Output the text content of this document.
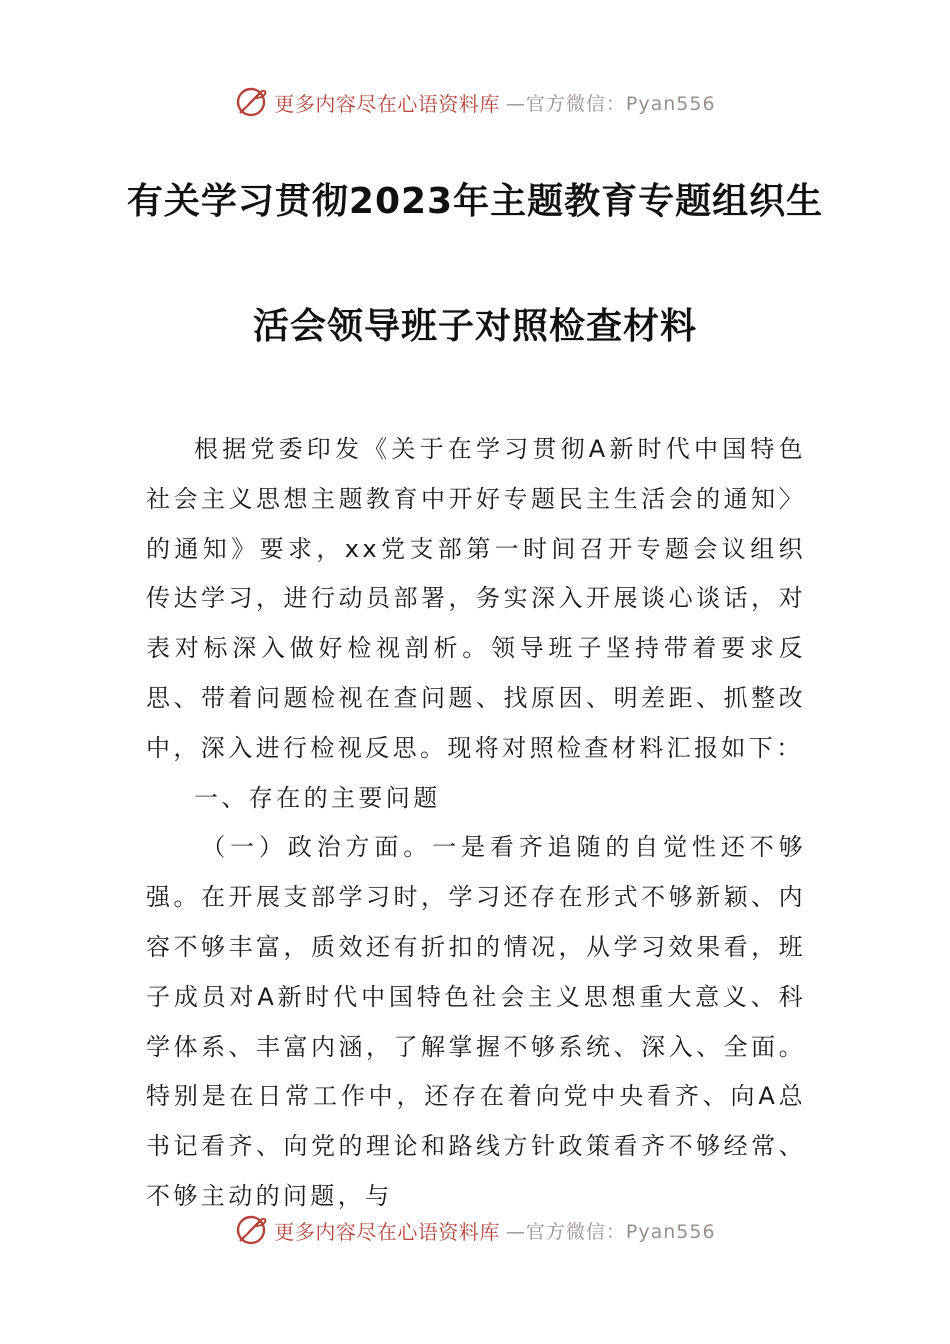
更多内容尽在心语资料库 —官方微信：Pyan556
有关学习贯彻2023年主题教育专题组织生
活会领导班子对照检查材料

根据党委印发《关于在学习贯彻A新时代中国特色社会主义思想主题教育中开好专题民主生活会的通知〉的通知》要求，xx党支部第一时间召开专题会议组织传达学习，进行动员部署，务实深入开展谈心谈话，对表对标深入做好检视剖析。领导班子坚持带着要求反思、带着问题检视在查问题、找原因、明差距、抓整改中，深入进行检视反思。现将对照检查材料汇报如下：

一、存在的主要问题

（一）政治方面。一是看齐追随的自觉性还不够强。在开展支部学习时，学习还存在形式不够新颖、内容不够丰富，质效还有折扣的情况，从学习效果看，班子成员对A新时代中国特色社会主义思想重大意义、科学体系、丰富内涵，了解掌握不够系统、深入、全面。特别是在日常工作中，还存在着向党中央看齐、向A总书记看齐、向党的理论和路线方针政策看齐不够经常、不够主动的问题，与

更多内容尽在心语资料库 —官方微信：Pyan556
